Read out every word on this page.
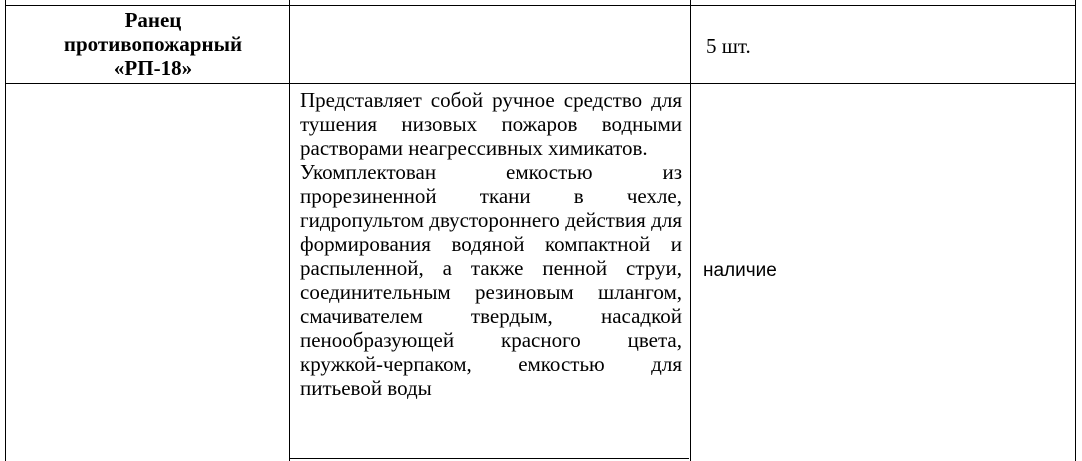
Ранец
противопожарный
«РП-18»
5 шт.

Представляет собой ручное средство для тушения низовых пожаров водными растворами неагрессивных химикатов.

Укомплектован емкостью из прорезиненной ткани в чехле, гидропультом двустороннего действия для формирования водяной компактной и распыленной, а также пенной струи, соединительным резиновым шлангом, смачивателем твердым, насадкой пенообразующей красного цвета, кружкой-черпаком, емкостью для питьевой воды

наличие
